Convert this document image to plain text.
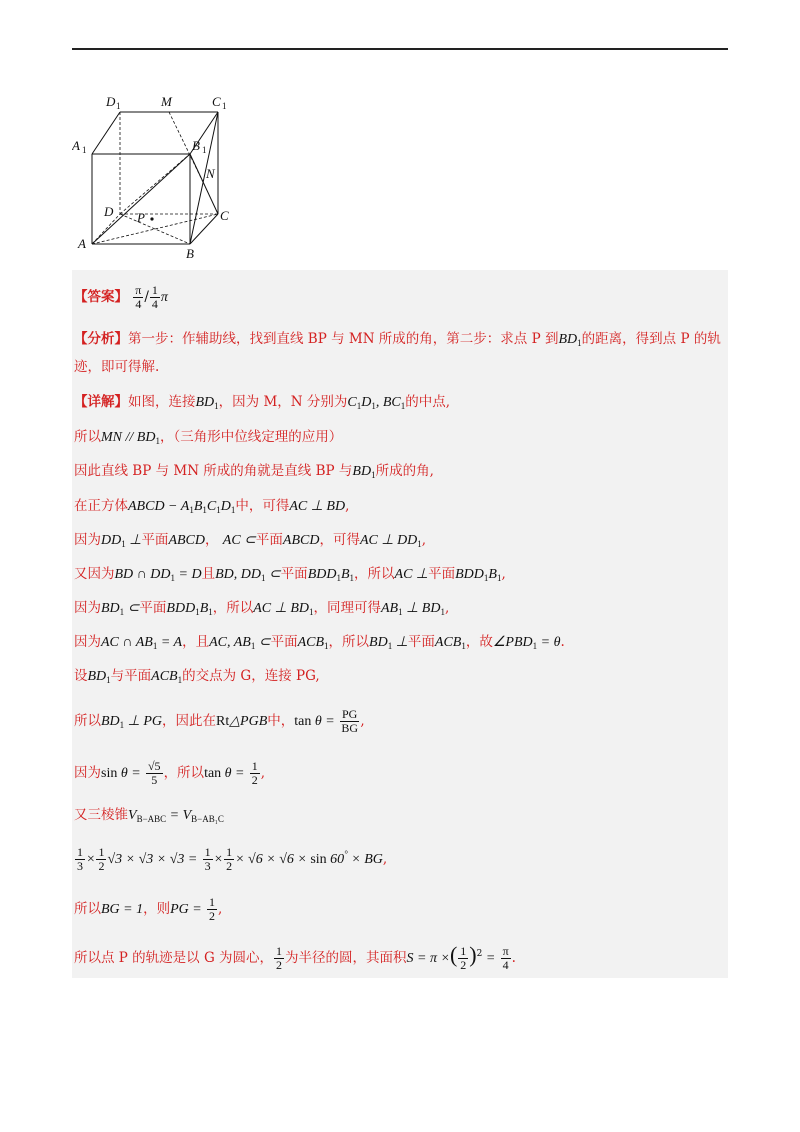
D 1	M	C 1
A 1	B 1
N
D P	C
A
B
【答案】 $\frac{\pi}{4} / \frac{1}{4}$ π
【分析】第一步：作辅助线，找到直线 BP 与 MN 所成的角，第二步：求点 P 到$BD_1$的距离，得到点 P 的轨
迹，即可得解.
【详解】如图，连接$BD_1$，因为 M，N 分别为$C_1D_1$, $BC_1$的中点,
所以MN // $BD_1$，（三角形中位线定理的应用）
因此直线 BP 与 MN 所成的角就是直线 BP 与$BD_1$所成的角,
在正方体ABCD − $A_1B_1C_1D_1$中，可得AC ⊥ BD,
因为$DD_1$ ⊥平面ABCD， AC ⊂平面ABCD，可得AC ⊥ $DD_1$,
又因为BD ∩ $DD_1 = D$且BD, $DD_1$ ⊂平面$BDD_1B_1$，所以AC ⊥平面$BDD_1B_1$,
因为$BD_1$ ⊂平面$BDD_1B_1$，所以AC ⊥ $BD_1$，同理可得$AB_1$ ⊥ $BD_1$,
因为AC ∩ $AB_1 = A$，且AC, $AB_1$ ⊂平面$ACB_1$，所以$BD_1$ ⊥平面$ACB_1$，故$\angle PBD_1 = \theta$.
设$BD_1$与平面$ACB_1$的交点为 G，连接 PG,
所以$BD_1$ ⊥ PG，因此在Rt△PGB中，$\tan \theta = \frac{PG}{BG}$ ,
因为$\sin \theta = \frac{√5}{5}$ ，所以$\tan \theta = \frac{1}{2}$ ,
又三棱锥$V_{B-ABC} = V_{B-AB_1C}$
$\frac{1}{3} \times \frac{1}{2} √3 \times √3 \times √3 = \frac{1}{3} \times \frac{1}{2} \times √6 \times √6 \times \sin 60^\circ$ × BG,
所以BG = 1，则PG = $\frac{1}{2}$ ,
所以点 P 的轨迹是以 G 为圆心， $\frac{1}{2}$ 为半径的圆，其面积S = π ×( $\frac{1}{2} )^2 = \frac{\pi}{4}$ .
